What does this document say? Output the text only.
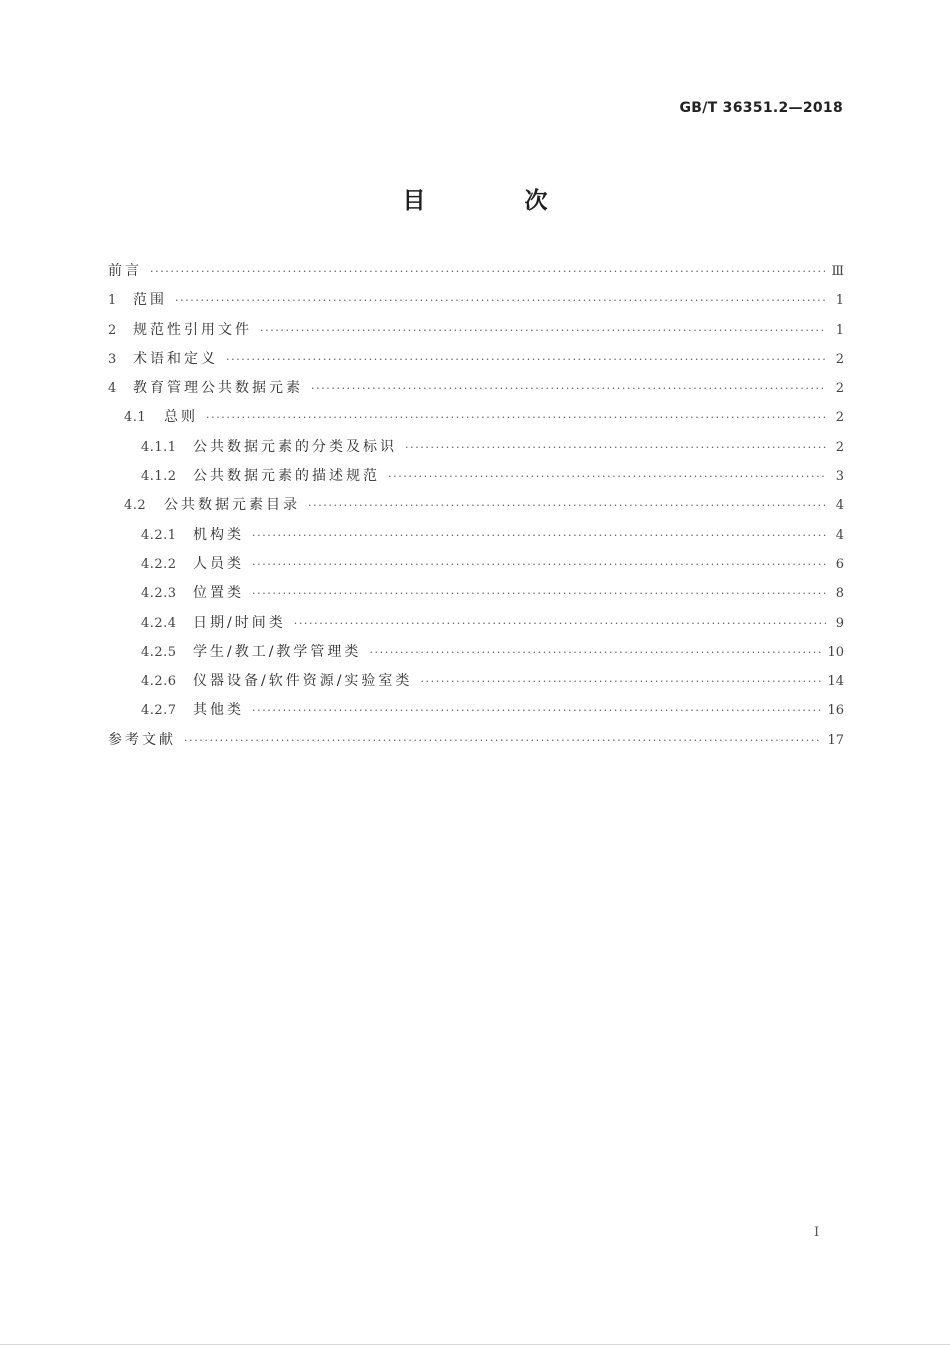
GB/T 36351.2—2018
目　次
前言 ·····	Ⅲ
1	范围 ·····	1
2	规范性引用文件 ·····	1
3	术语和定义 ·····	2
4	教育管理公共数据元素 ·····	2
4.1	总则 ·····	2
4.1.1	公共数据元素的分类及标识 ·····	2
4.1.2	公共数据元素的描述规范 ·····	3
4.2	公共数据元素目录 ·····	4
4.2.1	机构类 ·····	4
4.2.2	人员类 ·····	6
4.2.3	位置类 ·····	8
4.2.4	日期/时间类 ·····	9
4.2.5	学生/教工/教学管理类 ·····	10
4.2.6	仪器设备/软件资源/实验室类 ·····	14
4.2.7	其他类 ·····	16
参考文献 ·····	17
I
